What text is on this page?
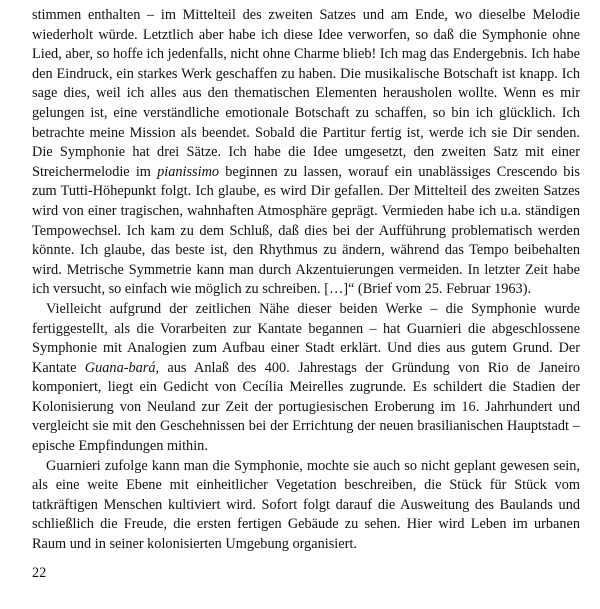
stimmen enthalten – im Mittelteil des zweiten Satzes und am Ende, wo dieselbe Melodie wiederholt würde. Letztlich aber habe ich diese Idee verworfen, so daß die Symphonie ohne Lied, aber, so hoffe ich jedenfalls, nicht ohne Charme blieb! Ich mag das Endergebnis. Ich habe den Eindruck, ein starkes Werk geschaffen zu haben. Die musikalische Botschaft ist knapp. Ich sage dies, weil ich alles aus den thematischen Elementen herausholen wollte. Wenn es mir gelungen ist, eine verständliche emotionale Botschaft zu schaffen, so bin ich glücklich. Ich betrachte meine Mission als beendet. Sobald die Partitur fertig ist, werde ich sie Dir senden. Die Symphonie hat drei Sätze. Ich habe die Idee umgesetzt, den zweiten Satz mit einer Streichermelodie im pianissimo beginnen zu lassen, worauf ein unablässiges Crescendo bis zum Tutti-Höhepunkt folgt. Ich glaube, es wird Dir gefallen. Der Mittelteil des zweiten Satzes wird von einer tragischen, wahnhaften Atmosphäre geprägt. Vermieden habe ich u.a. ständigen Tempowechsel. Ich kam zu dem Schluß, daß dies bei der Aufführung problematisch werden könnte. Ich glaube, das beste ist, den Rhythmus zu ändern, während das Tempo beibehalten wird. Metrische Symmetrie kann man durch Akzentuierungen vermeiden. In letzter Zeit habe ich versucht, so einfach wie möglich zu schreiben. […]“ (Brief vom 25. Februar 1963).

Vielleicht aufgrund der zeitlichen Nähe dieser beiden Werke – die Symphonie wurde fertiggestellt, als die Vorarbeiten zur Kantate begannen – hat Guarnieri die abgeschlossene Symphonie mit Analogien zum Aufbau einer Stadt erklärt. Und dies aus gutem Grund. Der Kantate Guana-bará, aus Anlaß des 400. Jahrestags der Gründung von Rio de Janeiro komponiert, liegt ein Gedicht von Cecília Meirelles zugrunde. Es schildert die Stadien der Kolonisierung von Neuland zur Zeit der portugiesischen Eroberung im 16. Jahrhundert und vergleicht sie mit den Geschehnissen bei der Errichtung der neuen brasilianischen Hauptstadt – epische Empfindungen mithin.

Guarnieri zufolge kann man die Symphonie, mochte sie auch so nicht geplant gewesen sein, als eine weite Ebene mit einheitlicher Vegetation beschreiben, die Stück für Stück vom tatkräftigen Menschen kultiviert wird. Sofort folgt darauf die Ausweitung des Baulands und schließlich die Freude, die ersten fertigen Gebäude zu sehen. Hier wird Leben im urbanen Raum und in seiner kolonisierten Umgebung organisiert.

22
